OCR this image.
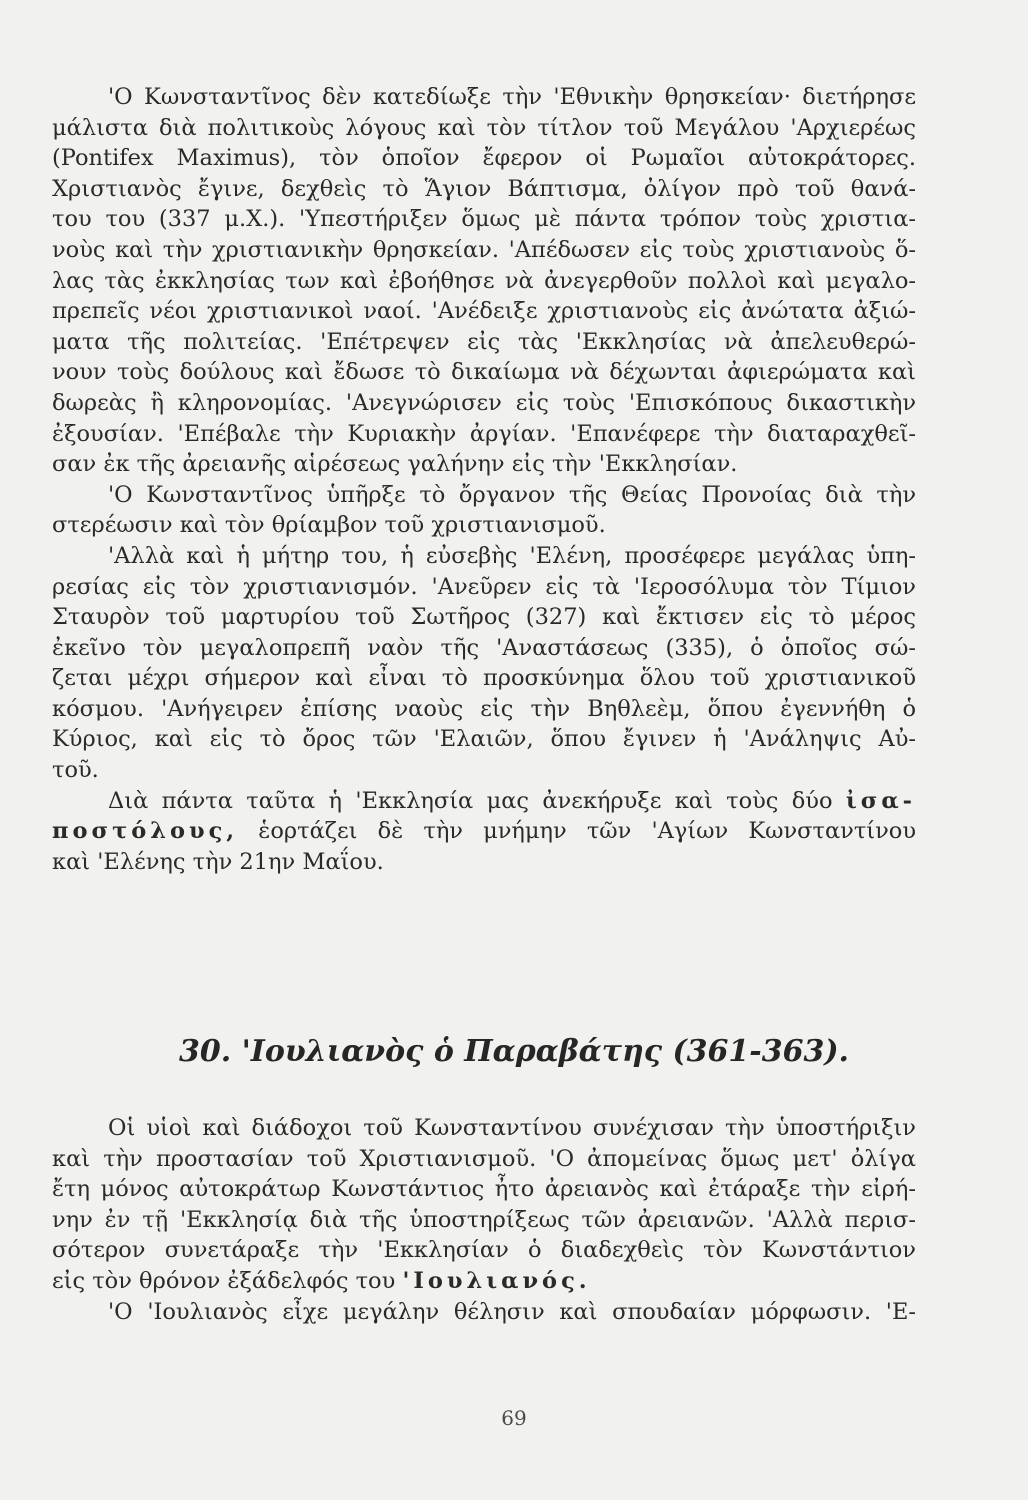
'Ο Κωνσταντῖνος δὲν κατεδίωξε τὴν 'Εθνικὴν θρησκείαν· διετήρησε
μάλιστα διὰ πολιτικοὺς λόγους καὶ τὸν τίτλον τοῦ Μεγάλου 'Αρχιερέως
(Pontifex Maximus), τὸν ὁποῖον ἔφερον οἱ Ρωμαῖοι αὐτοκράτορες.
Χριστιανὸς ἔγινε, δεχθεὶς τὸ Ἅγιον Βάπτισμα, ὀλίγον πρὸ τοῦ θανά-
του του (337 μ.Χ.). 'Υπεστήριξεν ὅμως μὲ πάντα τρόπον τοὺς χριστια-
νοὺς καὶ τὴν χριστιανικὴν θρησκείαν. 'Απέδωσεν εἰς τοὺς χριστιανοὺς ὅ-
λας τὰς ἐκκλησίας των καὶ ἐβοήθησε νὰ ἀνεγερθοῦν πολλοὶ καὶ μεγαλο-
πρεπεῖς νέοι χριστιανικοὶ ναοί. 'Ανέδειξε χριστιανοὺς εἰς ἀνώτατα ἀξιώ-
ματα τῆς πολιτείας. 'Επέτρεψεν εἰς τὰς 'Εκκλησίας νὰ ἀπελευθερώ-
νουν τοὺς δούλους καὶ ἔδωσε τὸ δικαίωμα νὰ δέχωνται ἀφιερώματα καὶ
δωρεὰς ἢ κληρονομίας. 'Ανεγνώρισεν εἰς τοὺς 'Επισκόπους δικαστικὴν
ἐξουσίαν. 'Επέβαλε τὴν Κυριακὴν ἀργίαν. 'Επανέφερε τὴν διαταραχθεῖ-
σαν ἐκ τῆς ἀρειανῆς αἱρέσεως γαλήνην εἰς τὴν 'Εκκλησίαν.
'Ο Κωνσταντῖνος ὑπῆρξε τὸ ὄργανον τῆς Θείας Προνοίας διὰ τὴν
στερέωσιν καὶ τὸν θρίαμβον τοῦ χριστιανισμοῦ.
'Αλλὰ καὶ ἡ μήτηρ του, ἡ εὐσεβὴς 'Ελένη, προσέφερε μεγάλας ὑπη-
ρεσίας εἰς τὸν χριστιανισμόν. 'Ανεῦρεν εἰς τὰ 'Ιεροσόλυμα τὸν Τίμιον
Σταυρὸν τοῦ μαρτυρίου τοῦ Σωτῆρος (327) καὶ ἔκτισεν εἰς τὸ μέρος
ἐκεῖνο τὸν μεγαλοπρεπῆ ναὸν τῆς 'Αναστάσεως (335), ὁ ὁποῖος σώ-
ζεται μέχρι σήμερον καὶ εἶναι τὸ προσκύνημα ὅλου τοῦ χριστιανικοῦ
κόσμου. 'Ανήγειρεν ἐπίσης ναοὺς εἰς τὴν Βηθλεὲμ, ὅπου ἐγεννήθη ὁ
Κύριος, καὶ εἰς τὸ ὄρος τῶν 'Ελαιῶν, ὅπου ἔγινεν ἡ 'Ανάληψις Αὐ-
τοῦ.
Διὰ πάντα ταῦτα ἡ 'Εκκλησία μας ἀνεκήρυξε καὶ τοὺς δύο ἰσα-
ποστόλους, ἑορτάζει δὲ τὴν μνήμην τῶν 'Αγίων Κωνσταντίνου
καὶ 'Ελένης τὴν 21ην Μαΐου.
30. 'Ιουλιανὸς ὁ Παραβάτης (361-363).
Οἱ υἱοὶ καὶ διάδοχοι τοῦ Κωνσταντίνου συνέχισαν τὴν ὑποστήριξιν
καὶ τὴν προστασίαν τοῦ Χριστιανισμοῦ. 'Ο ἀπομείνας ὅμως μετ' ὀλίγα
ἔτη μόνος αὐτοκράτωρ Κωνστάντιος ἦτο ἀρειανὸς καὶ ἐτάραξε τὴν εἰρή-
νην ἐν τῇ 'Εκκλησίᾳ διὰ τῆς ὑποστηρίξεως τῶν ἀρειανῶν. 'Αλλὰ περισ-
σότερον συνετάραξε τὴν 'Εκκλησίαν ὁ διαδεχθεὶς τὸν Κωνστάντιον
εἰς τὸν θρόνον ἐξάδελφός του 'Ιουλιανός.
'Ο 'Ιουλιανὸς εἶχε μεγάλην θέλησιν καὶ σπουδαίαν μόρφωσιν. 'Ε-
69
